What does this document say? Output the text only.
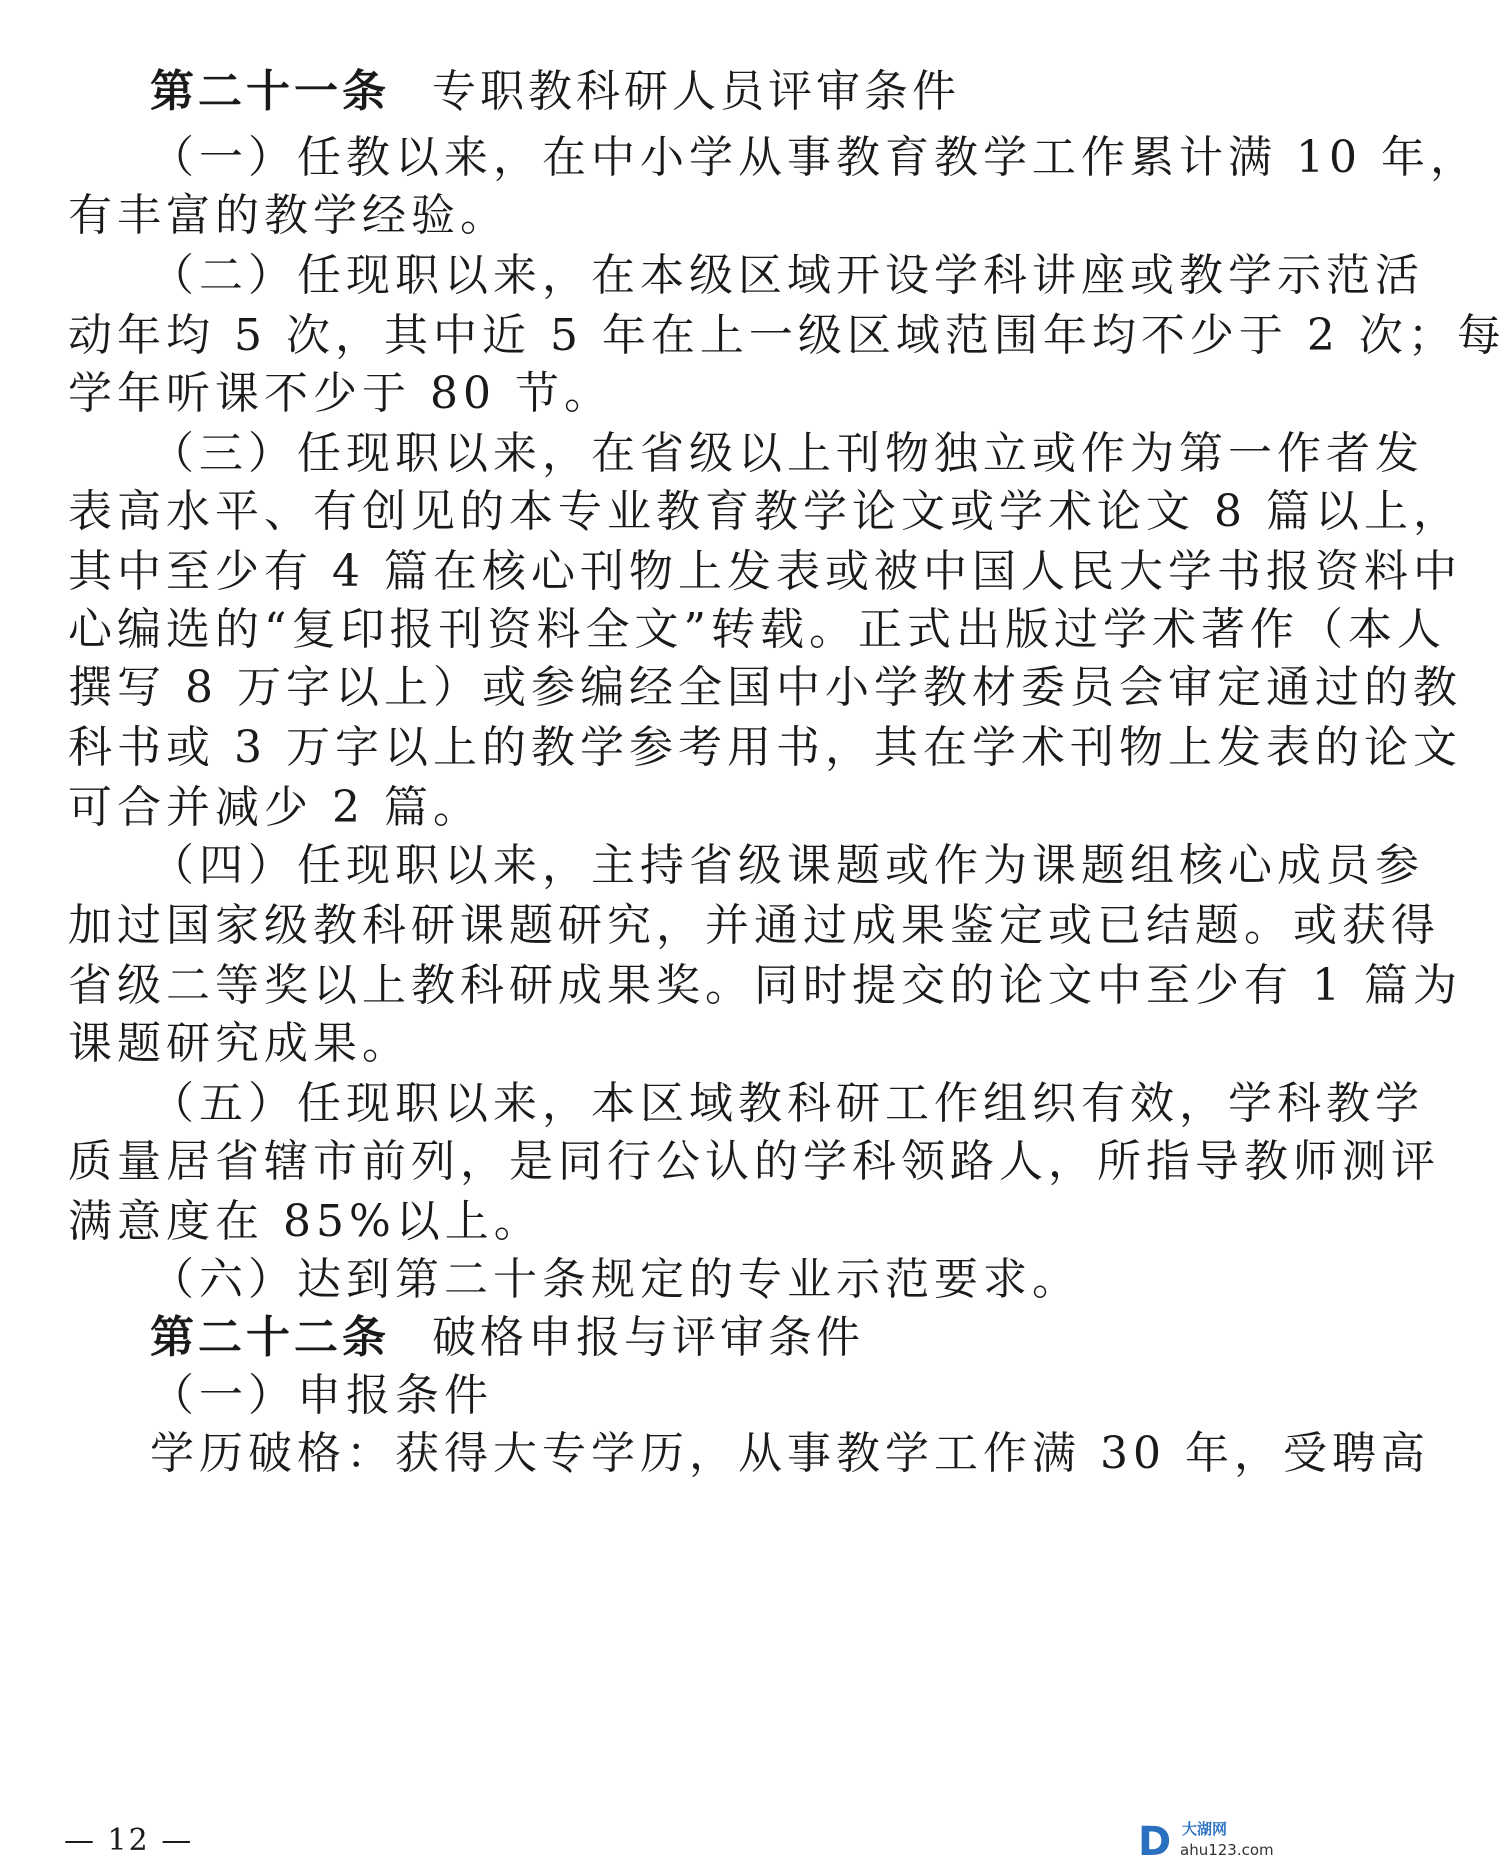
第二十一条 专职教科研人员评审条件
（一）任教以来，在中小学从事教育教学工作累计满 10 年，
有丰富的教学经验。
（二）任现职以来，在本级区域开设学科讲座或教学示范活
动年均 5 次，其中近 5 年在上一级区域范围年均不少于 2 次；每
学年听课不少于 80 节。
（三）任现职以来，在省级以上刊物独立或作为第一作者发
表高水平、有创见的本专业教育教学论文或学术论文 8 篇以上，
其中至少有 4 篇在核心刊物上发表或被中国人民大学书报资料中
心编选的“复印报刊资料全文”转载。正式出版过学术著作（本人
撰写 8 万字以上）或参编经全国中小学教材委员会审定通过的教
科书或 3 万字以上的教学参考用书，其在学术刊物上发表的论文
可合并减少 2 篇。
（四）任现职以来，主持省级课题或作为课题组核心成员参
加过国家级教科研课题研究，并通过成果鉴定或已结题。或获得
省级二等奖以上教科研成果奖。同时提交的论文中至少有 1 篇为
课题研究成果。
（五）任现职以来，本区域教科研工作组织有效，学科教学
质量居省辖市前列，是同行公认的学科领路人，所指导教师测评
满意度在 85%以上。
（六）达到第二十条规定的专业示范要求。
第二十二条 破格申报与评审条件
（一）申报条件
学历破格：获得大专学历，从事教学工作满 30 年，受聘高
— 12 —	D 大湖网
ahu123.com
